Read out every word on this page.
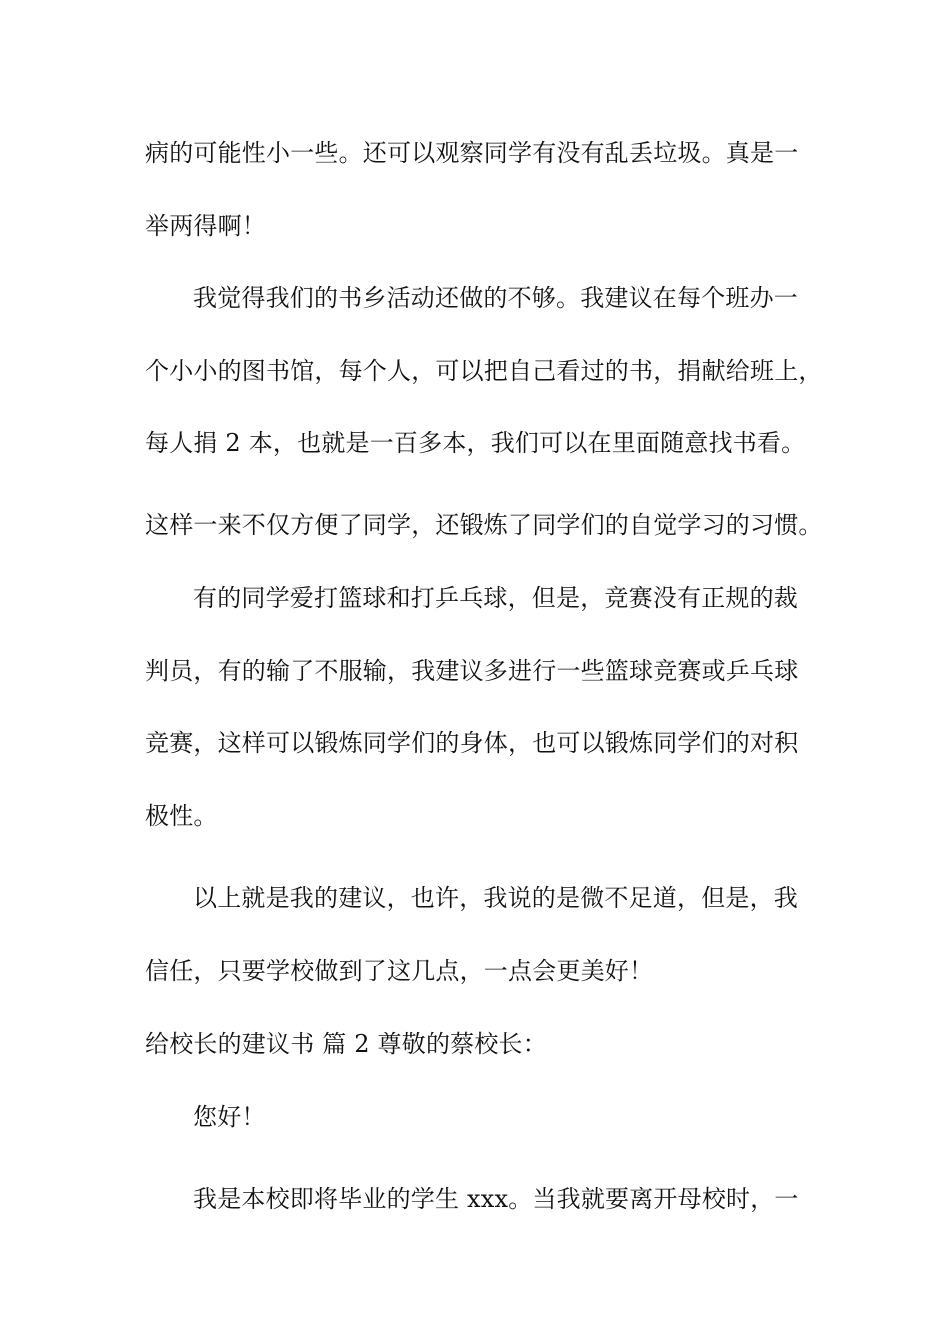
病的可能性小一些。还可以观察同学有没有乱丢垃圾。真是一

举两得啊！

我觉得我们的书乡活动还做的不够。我建议在每个班办一

个小小的图书馆，每个人，可以把自己看过的书，捐献给班上，

每人捐 2 本，也就是一百多本，我们可以在里面随意找书看。

这样一来不仅方便了同学，还锻炼了同学们的自觉学习的习惯。

有的同学爱打篮球和打乒乓球，但是，竞赛没有正规的裁

判员，有的输了不服输，我建议多进行一些篮球竞赛或乒乓球

竞赛，这样可以锻炼同学们的身体，也可以锻炼同学们的对积

极性。

以上就是我的建议，也许，我说的是微不足道，但是，我

信任，只要学校做到了这几点，一点会更美好！

给校长的建议书 篇 2 尊敬的蔡校长：

您好！

我是本校即将毕业的学生 xxx。当我就要离开母校时，一
